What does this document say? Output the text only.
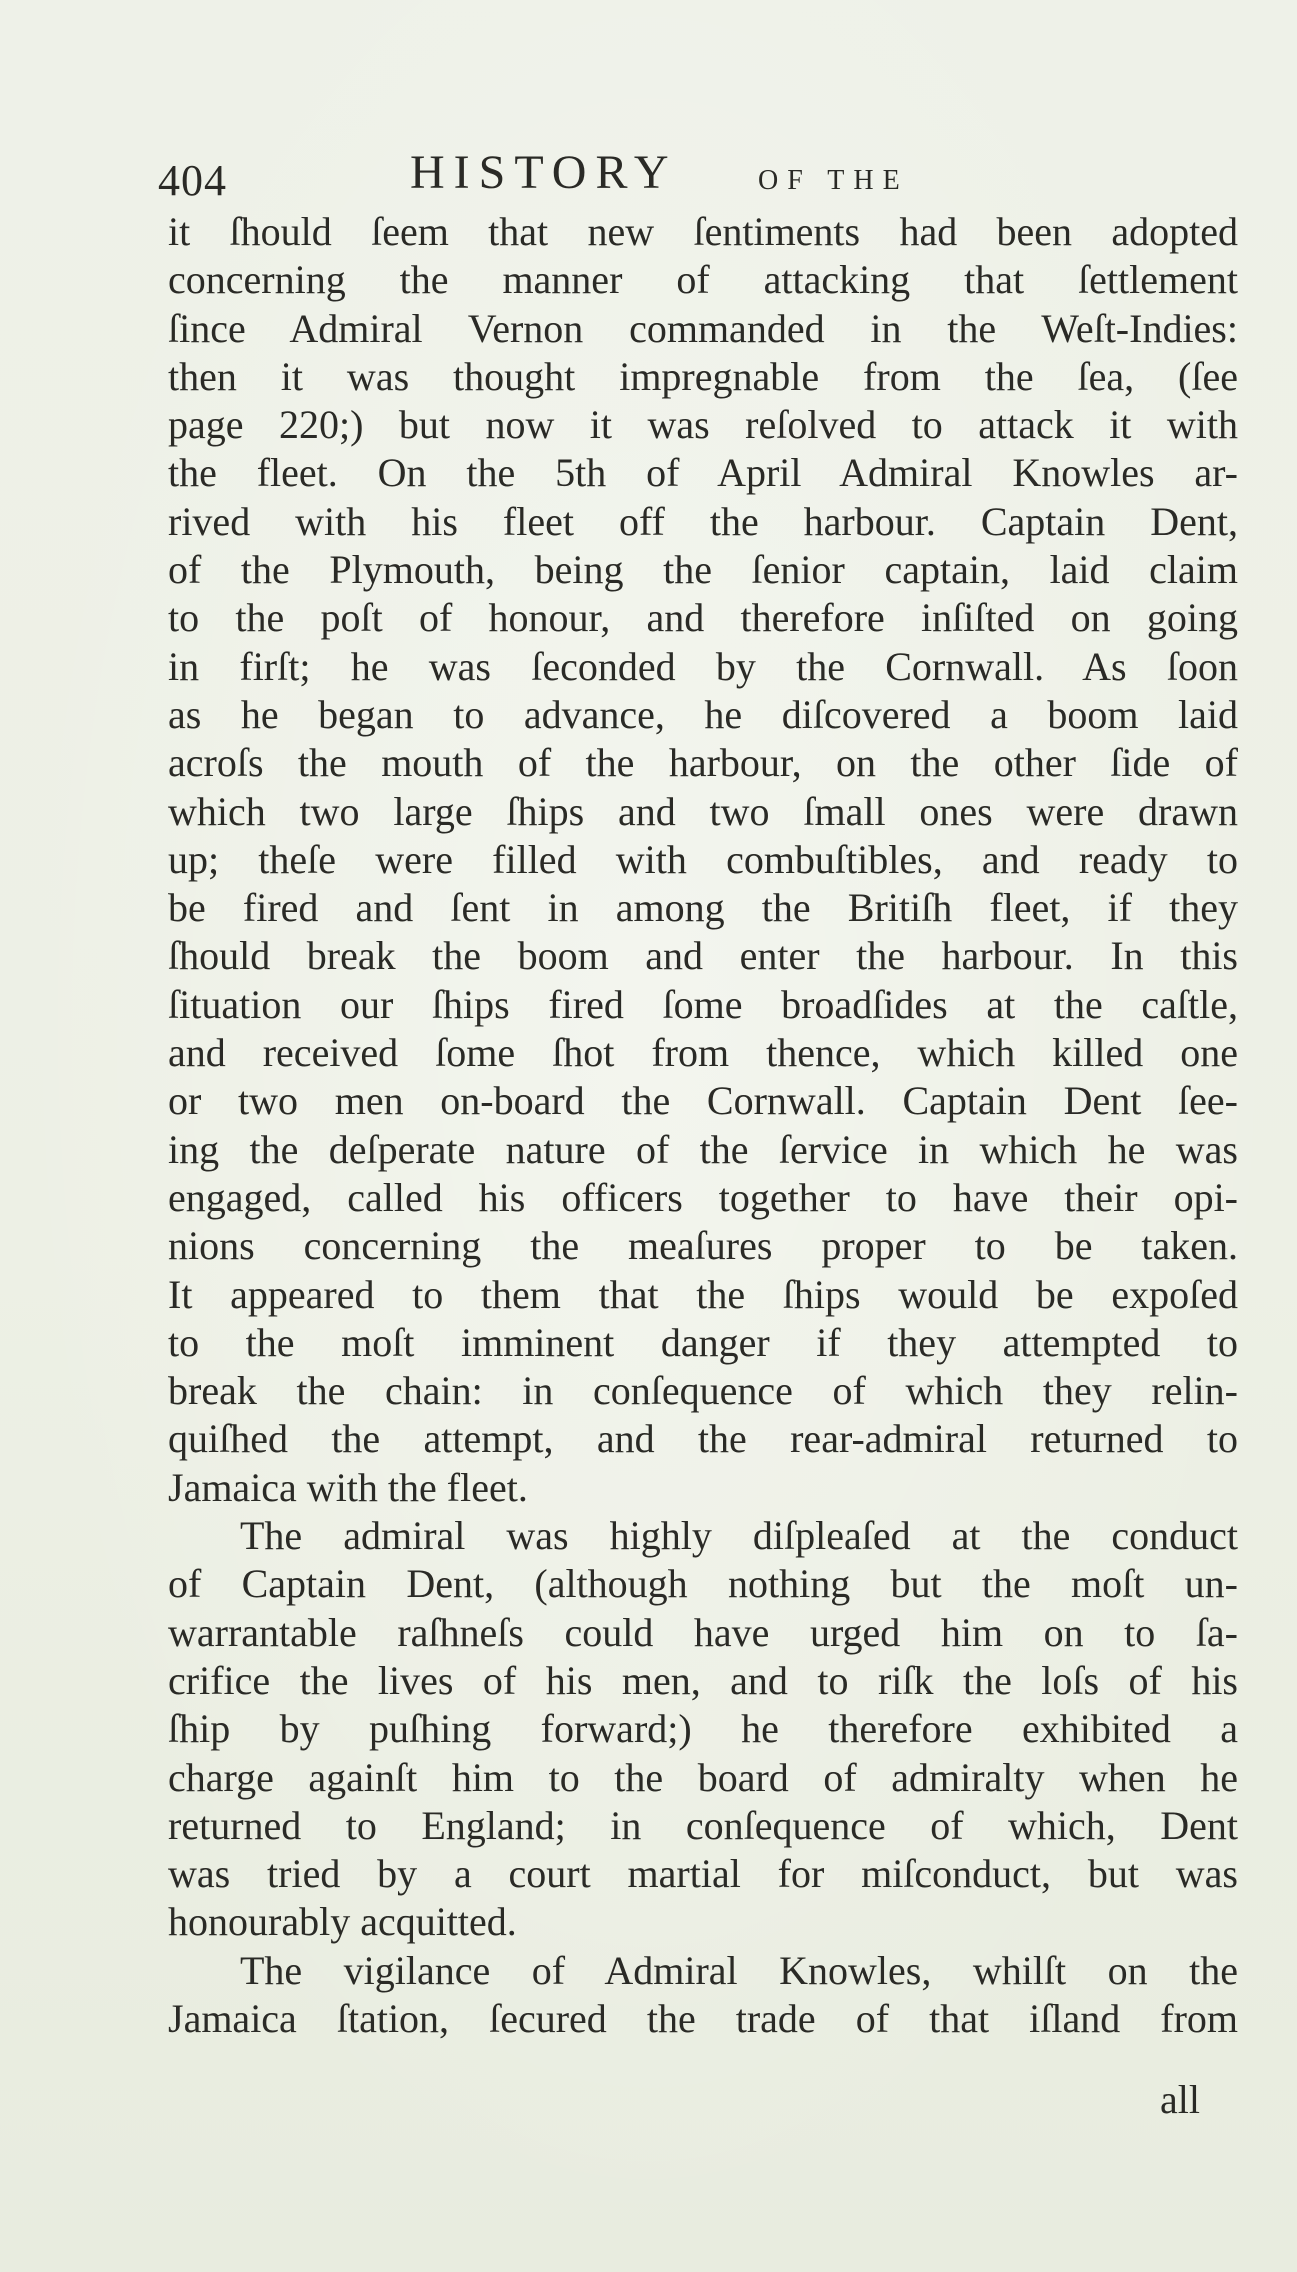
404	HISTORY	OF THE
it ſhould ſeem that new ſentiments had been adopted
concerning the manner of attacking that ſettlement
ſince Admiral Vernon commanded in the Weſt-Indies:
then it was thought impregnable from the ſea, (ſee
page 220;) but now it was reſolved to attack it with
the fleet. On the 5th of April Admiral Knowles ar-
rived with his fleet off the harbour. Captain Dent,
of the Plymouth, being the ſenior captain, laid claim
to the poſt of honour, and therefore inſiſted on going
in firſt; he was ſeconded by the Cornwall. As ſoon
as he began to advance, he diſcovered a boom laid
acroſs the mouth of the harbour, on the other ſide of
which two large ſhips and two ſmall ones were drawn
up; theſe were filled with combuſtibles, and ready to
be fired and ſent in among the Britiſh fleet, if they
ſhould break the boom and enter the harbour. In this
ſituation our ſhips fired ſome broadſides at the caſtle,
and received ſome ſhot from thence, which killed one
or two men on-board the Cornwall. Captain Dent ſee-
ing the deſperate nature of the ſervice in which he was
engaged, called his officers together to have their opi-
nions concerning the meaſures proper to be taken.
It appeared to them that the ſhips would be expoſed
to the moſt imminent danger if they attempted to
break the chain: in conſequence of which they relin-
quiſhed the attempt, and the rear-admiral returned to
Jamaica with the fleet.
The admiral was highly diſpleaſed at the conduct
of Captain Dent, (although nothing but the moſt un-
warrantable raſhneſs could have urged him on to ſa-
crifice the lives of his men, and to riſk the loſs of his
ſhip by puſhing forward;) he therefore exhibited a
charge againſt him to the board of admiralty when he
returned to England; in conſequence of which, Dent
was tried by a court martial for miſconduct, but was
honourably acquitted.
The vigilance of Admiral Knowles, whilſt on the
Jamaica ſtation, ſecured the trade of that iſland from
all
